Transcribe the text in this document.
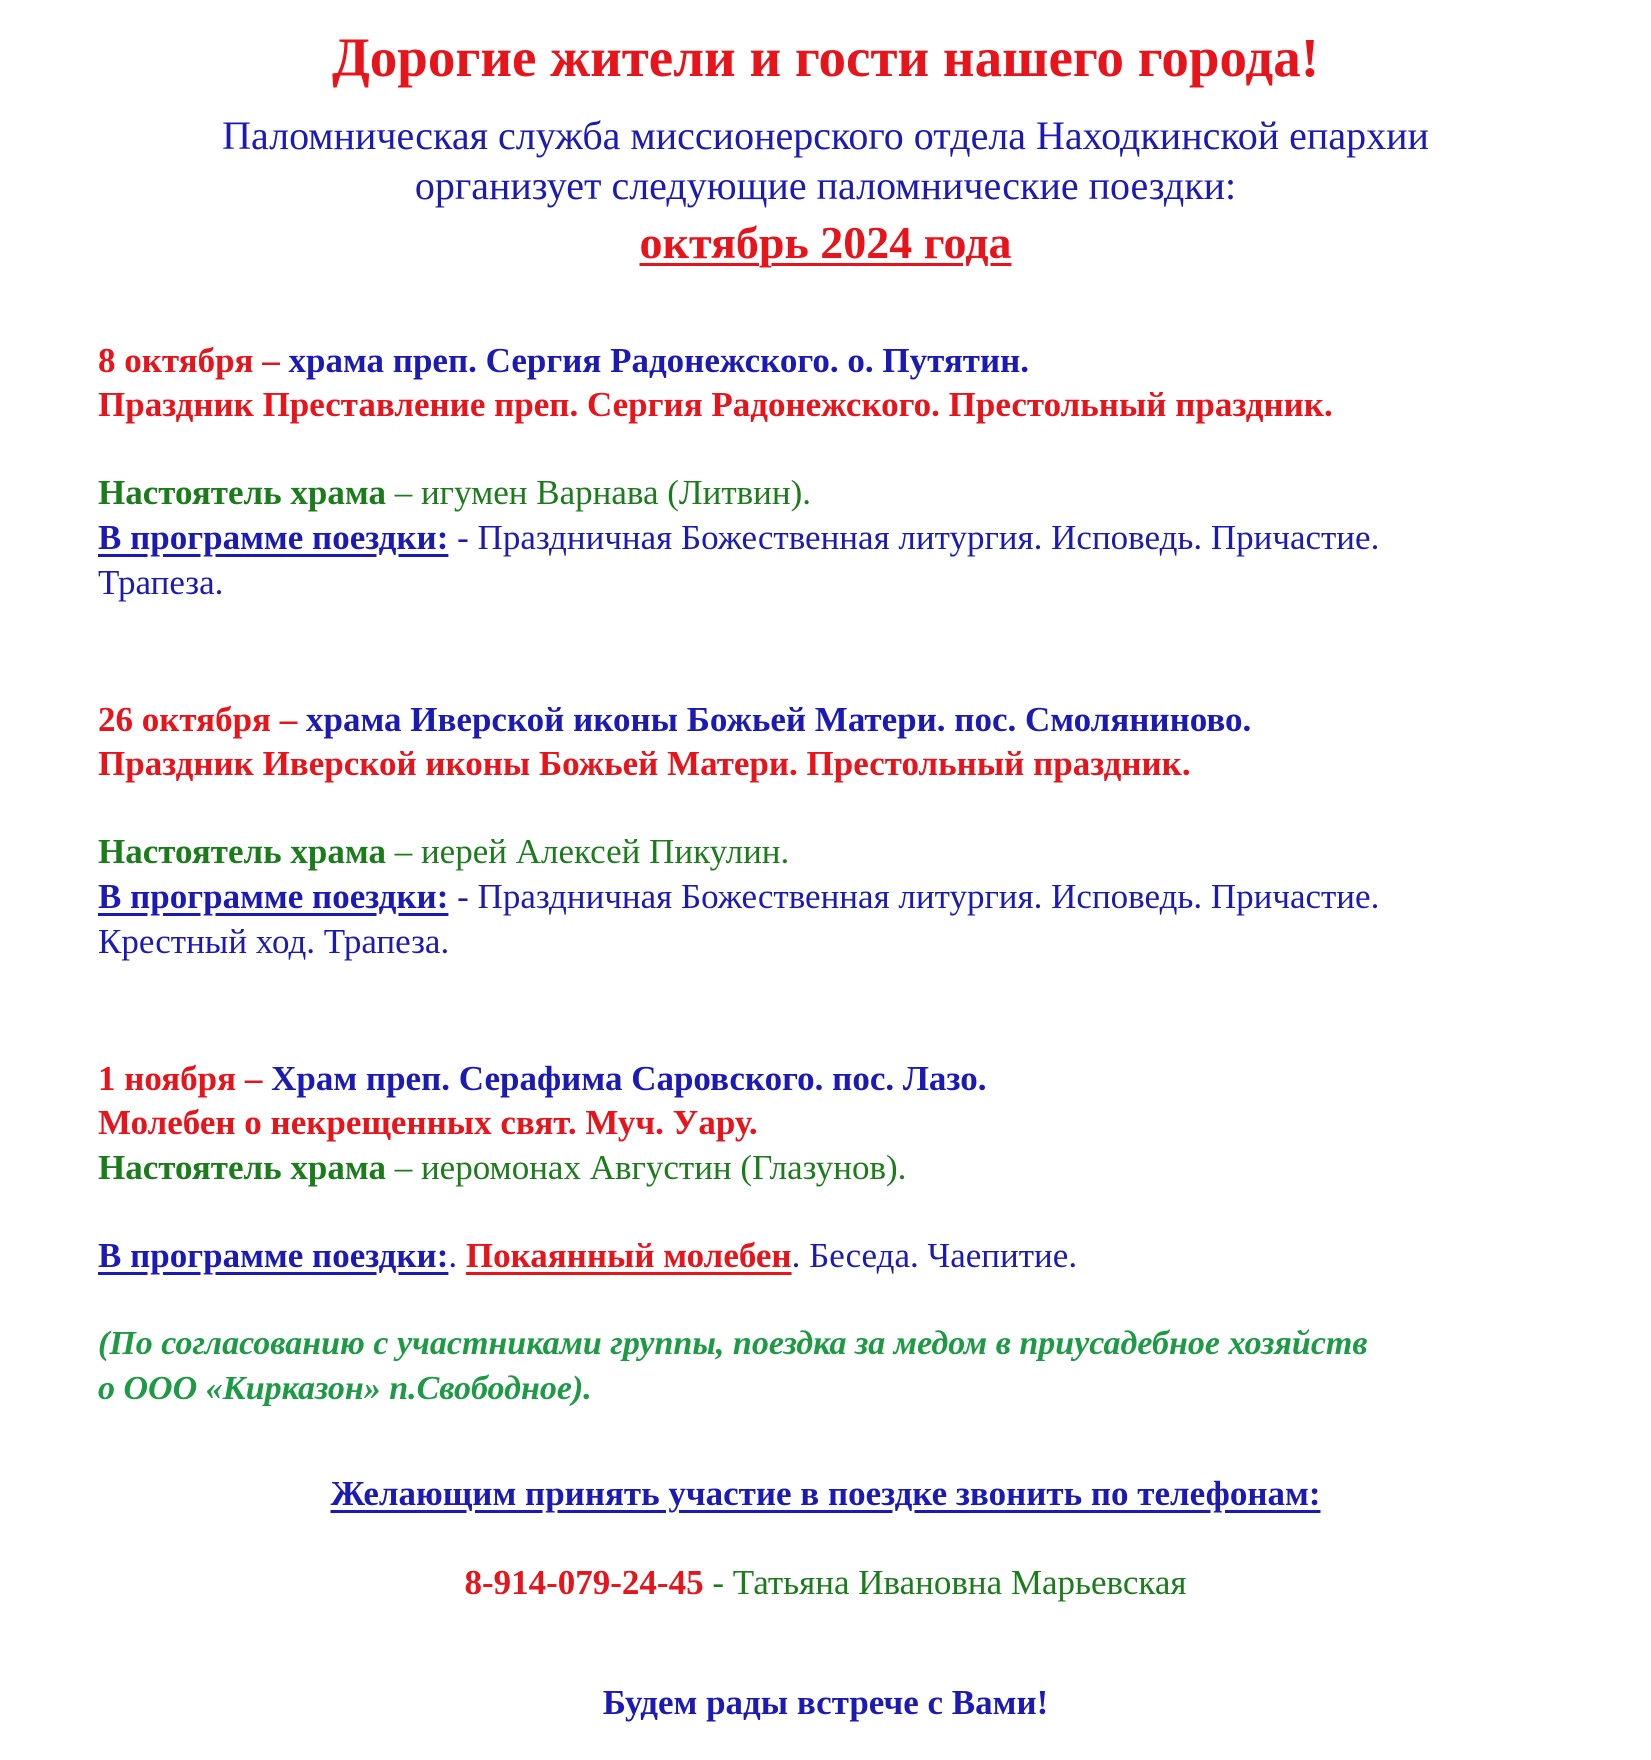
Дорогие жители и гости нашего города!
Паломническая служба миссионерского отдела Находкинской епархии
организует следующие паломнические поездки:
октябрь 2024 года
8 октября – храма преп. Сергия Радонежского. о. Путятин.
Праздник Преставление преп. Сергия Радонежского. Престольный праздник.
Настоятель храма – игумен Варнава (Литвин).
В программе поездки: - Праздничная Божественная литургия. Исповедь. Причастие.
Трапеза.
26 октября – храма Иверской иконы Божьей Матери. пос. Смоляниново.
Праздник Иверской иконы Божьей Матери. Престольный праздник.
Настоятель храма – иерей Алексей Пикулин.
В программе поездки: - Праздничная Божественная литургия. Исповедь. Причастие.
Крестный ход. Трапеза.
1 ноября – Храм преп. Серафима Саровского. пос. Лазо.
Молебен о некрещенных свят. Муч. Уару.
Настоятель храма – иеромонах Августин (Глазунов).
В программе поездки:. Покаянный молебен. Беседа. Чаепитие.
(По согласованию с участниками группы, поездка за медом в приусадебное хозяйств
о ООО «Кирказон» п.Свободное).
Желающим принять участие в поездке звонить по телефонам:
8-914-079-24-45 - Татьяна Ивановна Марьевская
Будем рады встрече с Вами!
